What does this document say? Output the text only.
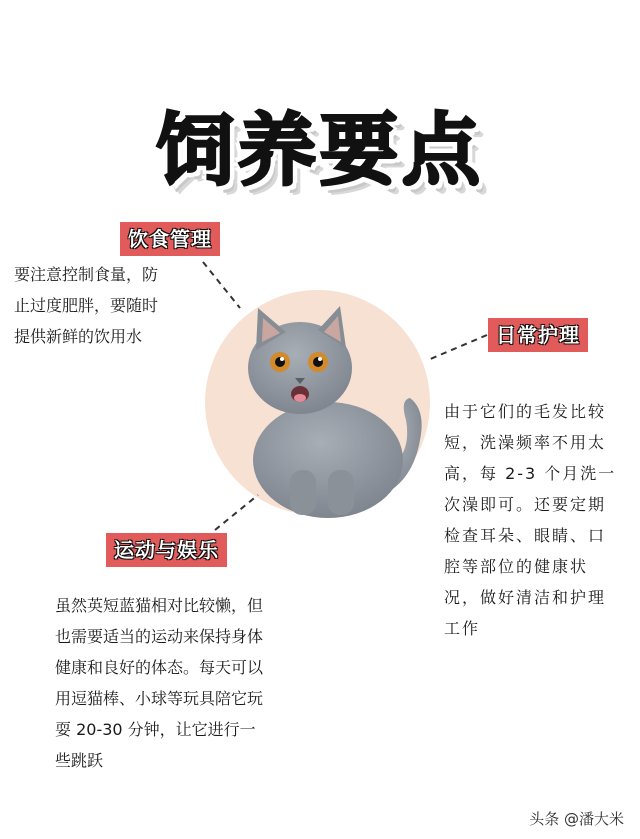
饲养要点
饮食管理
要注意控制食量，防
止过度肥胖，要随时
提供新鲜的饮用水	日常护理
由于它们的毛发比较
短，洗澡频率不用太
高，每 2-3 个月洗一
次澡即可。还要定期
检查耳朵、眼睛、口
腔等部位的健康状
况，做好清洁和护理
工作
运动与娱乐
虽然英短蓝猫相对比较懒，但
也需要适当的运动来保持身体
健康和良好的体态。每天可以
用逗猫棒、小球等玩具陪它玩
耍 20-30 分钟，让它进行一
些跳跃
头条 @潘大米
